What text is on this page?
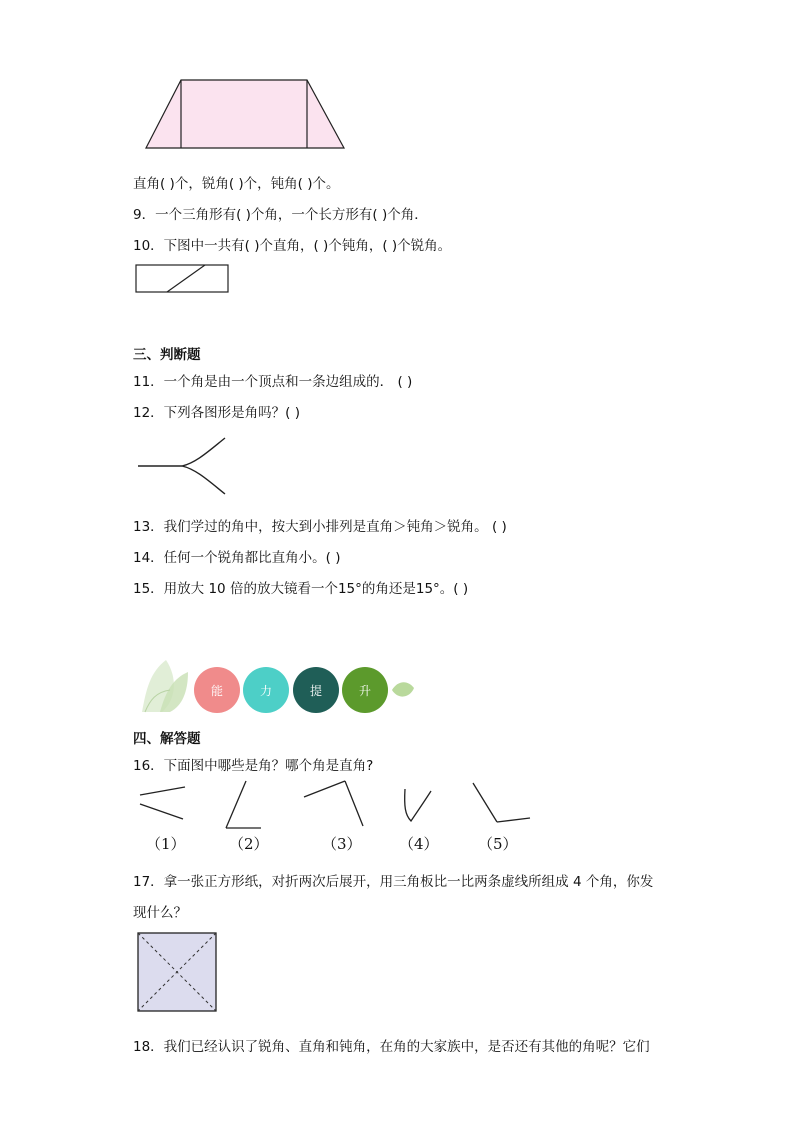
直角( )个，锐角( )个，钝角( )个。
9．一个三角形有( )个角，一个长方形有( )个角．
10．下图中一共有( )个直角，( )个钝角，( )个锐角。
三、判断题
11．一个角是由一个顶点和一条边组成的． ( )
12．下列各图形是角吗？( )
13．我们学过的角中，按大到小排列是直角＞钝角＞锐角。 ( )
14．任何一个锐角都比直角小。( )
15．用放大 10 倍的放大镜看一个15°的角还是15°。( )
能	力	提	升
四、解答题
16．下面图中哪些是角？哪个角是直角?
（1）	（2）	（3） （4）	（5）
17．拿一张正方形纸，对折两次后展开，用三角板比一比两条虚线所组成 4 个角，你发
现什么？
18．我们已经认识了锐角、直角和钝角，在角的大家族中，是否还有其他的角呢？它们
